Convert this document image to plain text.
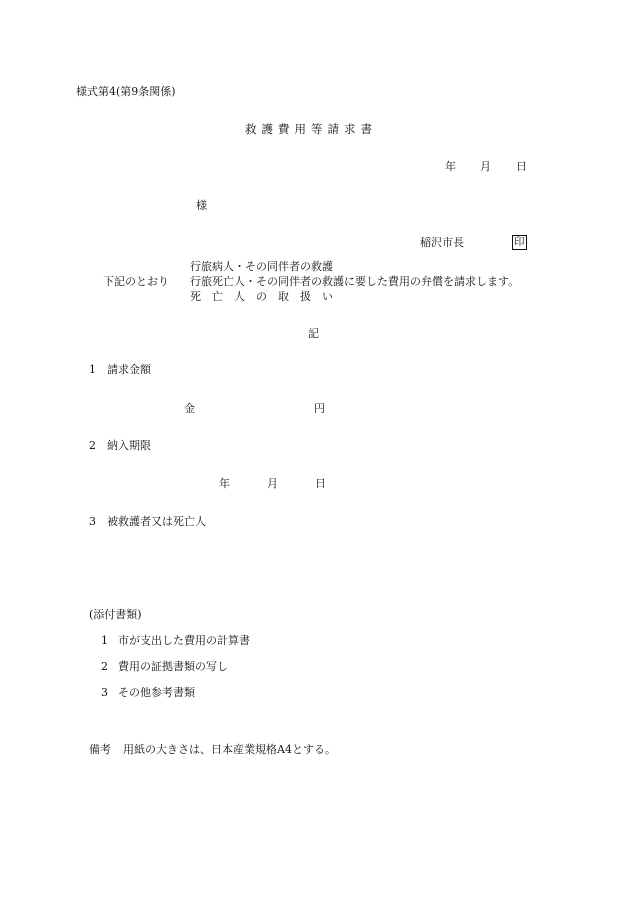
様式第4(第9条関係)
救護費用等請求書
年 月 日
様
稲沢市長	印
行旅病人・その同伴者の救護
下記のとおり 行旅死亡人・その同伴者の救護に要した費用の弁償を請求します。
死　亡　人　の　取　扱　い
記
1 請求金額
金	円
2 納入期限
年	月	日
3 被救護者又は死亡人
(添付書類)
1 市が支出した費用の計算書
2 費用の証拠書類の写し
3 その他参考書類
備考 用紙の大きさは、日本産業規格A4とする。
